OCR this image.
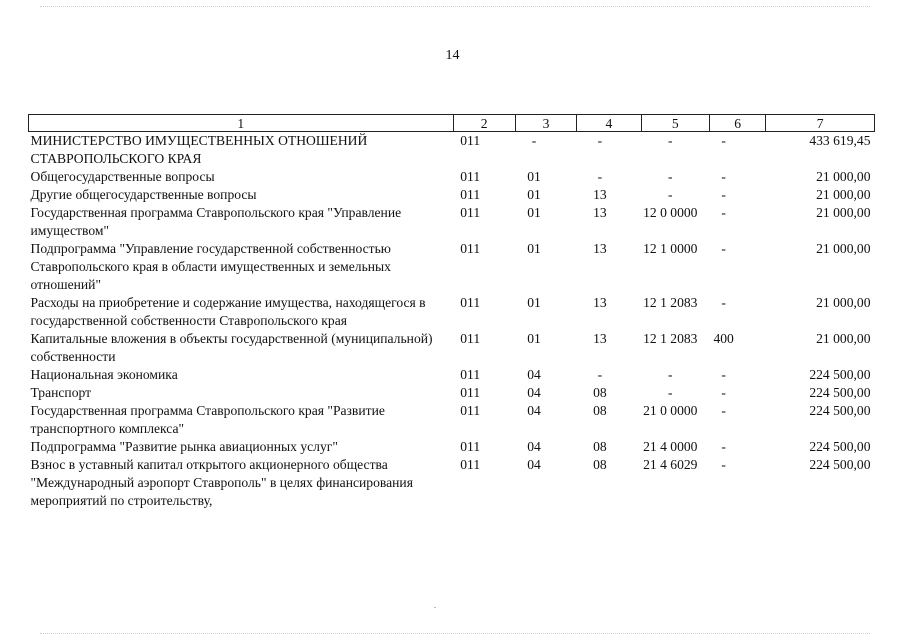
14
1	2	3	4	5	6	7
МИНИСТЕРСТВО ИМУЩЕСТВЕННЫХ ОТНОШЕНИЙ СТАВРОПОЛЬСКОГО КРАЯ	011	-	-	-	-	433 619,45
Общегосударственные вопросы	011	01	-	-	-	21 000,00
Другие общегосударственные вопросы	011	01	13	-	-	21 000,00
Государственная программа Ставропольского края "Управление имуществом"	011	01	13	12 0 0000	-	21 000,00
Подпрограмма "Управление государственной собственностью Ставропольского края в области имущественных и земельных отношений"	011	01	13	12 1 0000	-	21 000,00
Расходы на приобретение и содержание имущества, находящегося в государственной собственности Ставропольского края	011	01	13	12 1 2083	-	21 000,00
Капитальные вложения в объекты государственной (муниципальной) собственности	011	01	13	12 1 2083	400	21 000,00
Национальная экономика	011	04	-	-	-	224 500,00
Транспорт	011	04	08	-	-	224 500,00
Государственная программа Ставропольского края "Развитие транспортного комплекса"	011	04	08	21 0 0000	-	224 500,00
Подпрограмма "Развитие рынка авиационных услуг"	011	04	08	21 4 0000	-	224 500,00
Взнос в уставный капитал открытого акционерного общества "Международный аэропорт Ставрополь" в целях финансирования мероприятий по строительству,	011	04	08	21 4 6029	-	224 500,00
